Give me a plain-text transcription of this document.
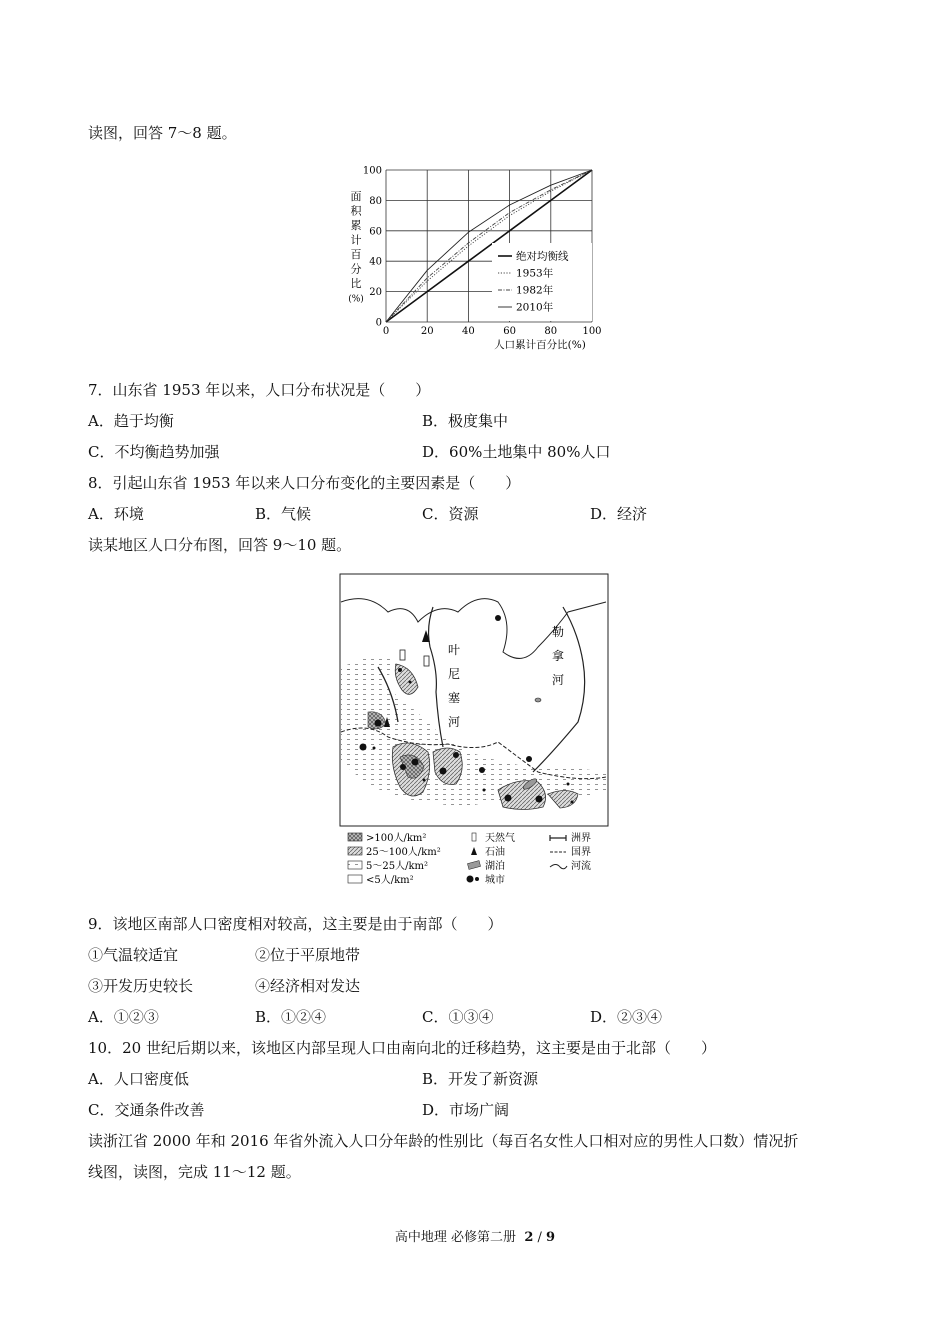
读图，回答 7～8 题。
面
积
累
计
百
分
比
(%)
0	20	40	60	80	100
0
20
40
60
80
100
绝对均衡线
1953年
1982年
2010年
人口累计百分比(%)
7．山东省 1953 年以来，人口分布状况是（　　）
A．趋于均衡	B．极度集中
C．不均衡趋势加强	D．60%土地集中 80%人口
8．引起山东省 1953 年以来人口分布变化的主要因素是（　　）
A．环境	B．气候	C．资源	D．经济
读某地区人口分布图，回答 9～10 题。
叶
尼
塞
河
勒
拿
河
>100人/km²
25～100人/km²
5～25人/km²
<5人/km²
天然气
石油
湖泊
城市
洲界
国界
河流
9．该地区南部人口密度相对较高，这主要是由于南部（　　）
①气温较适宜	②位于平原地带
③开发历史较长	④经济相对发达
A．①②③	B．①②④	C．①③④	D．②③④
10．20 世纪后期以来，该地区内部呈现人口由南向北的迁移趋势，这主要是由于北部（　　）
A．人口密度低	B．开发了新资源
C．交通条件改善	D．市场广阔
读浙江省 2000 年和 2016 年省外流入人口分年龄的性别比（每百名女性人口相对应的男性人口数）情况折
线图，读图，完成 11～12 题。
高中地理 必修第二册 2 / 9
